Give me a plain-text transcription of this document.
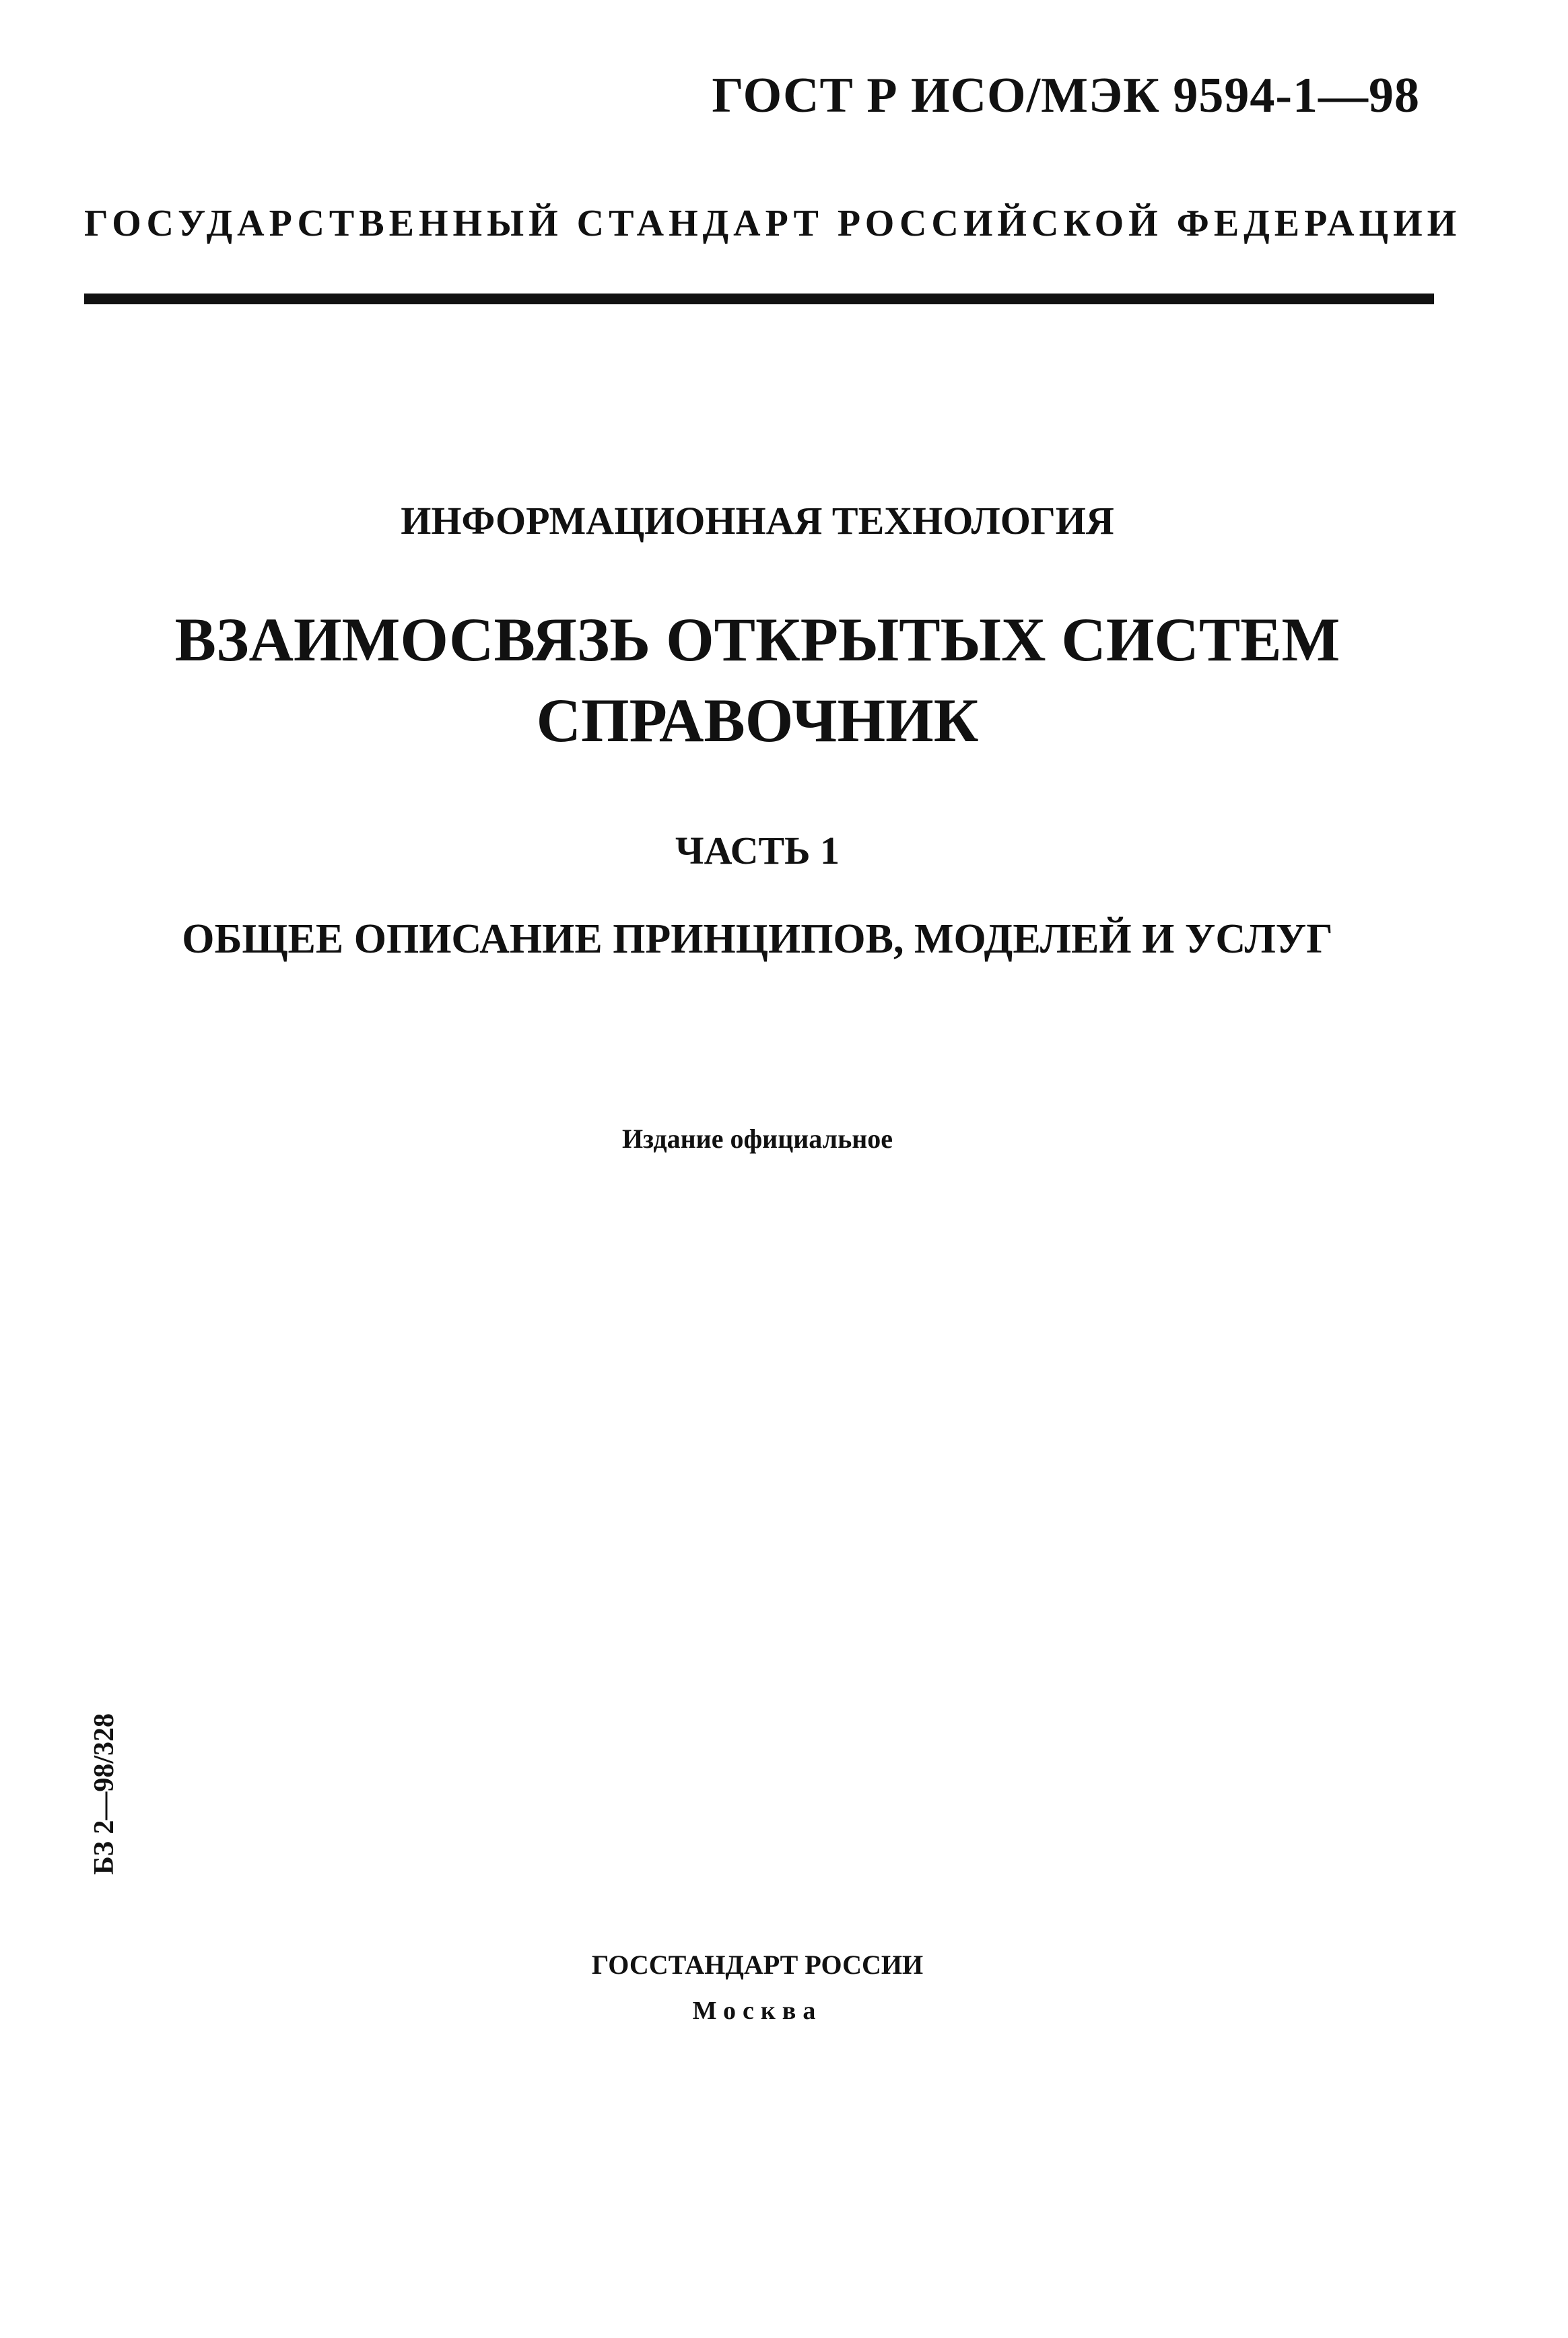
ГОСТ Р ИСО/МЭК 9594-1—98
ГОСУДАРСТВЕННЫЙ СТАНДАРТ РОССИЙСКОЙ ФЕДЕРАЦИИ
ИНФОРМАЦИОННАЯ ТЕХНОЛОГИЯ
ВЗАИМОСВЯЗЬ ОТКРЫТЫХ СИСТЕМ
СПРАВОЧНИК
ЧАСТЬ 1
ОБЩЕЕ ОПИСАНИЕ ПРИНЦИПОВ, МОДЕЛЕЙ И УСЛУГ
Издание официальное
БЗ 2—98/328
ГОССТАНДАРТ РОССИИ
Москва
